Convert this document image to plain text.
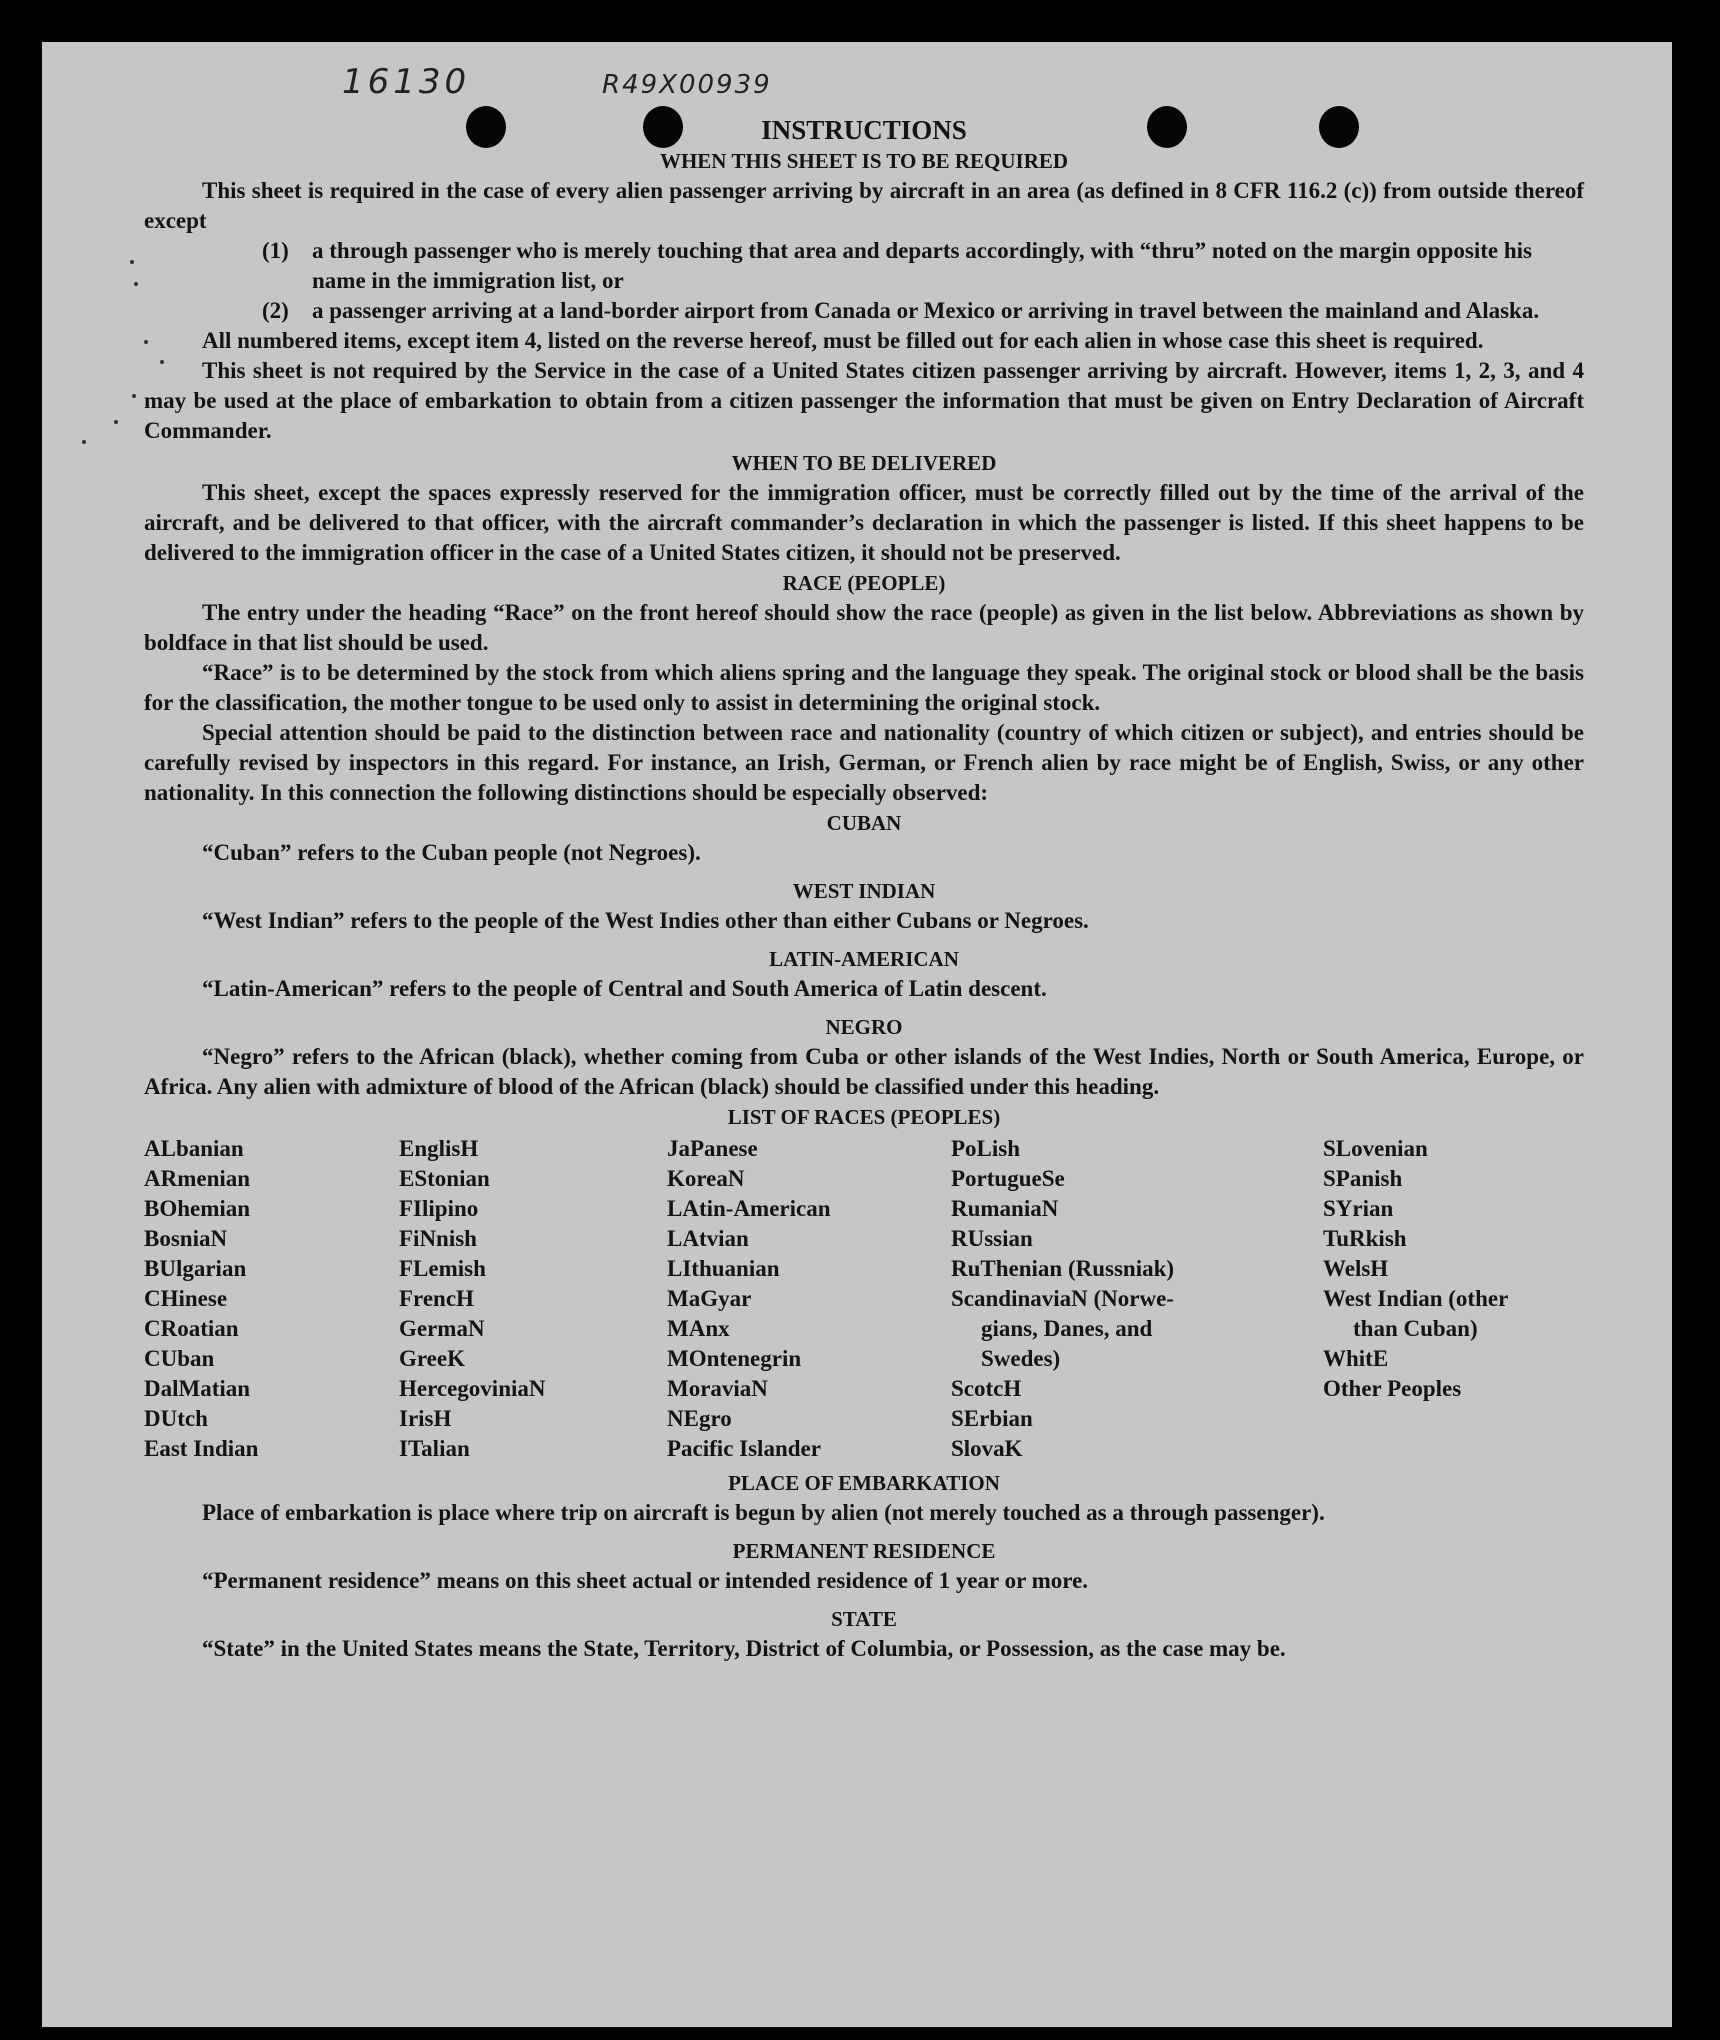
16130	R49X00939
INSTRUCTIONS
WHEN THIS SHEET IS TO BE REQUIRED

This sheet is required in the case of every alien passenger arriving by aircraft in an area (as defined in 8 CFR 116.2 (c)) from outside thereof except

(1) a through passenger who is merely touching that area and departs accordingly, with “thru” noted on the margin opposite his name in the immigration list, or
(2) a passenger arriving at a land-border airport from Canada or Mexico or arriving in travel between the mainland and Alaska.

All numbered items, except item 4, listed on the reverse hereof, must be filled out for each alien in whose case this sheet is required.

This sheet is not required by the Service in the case of a United States citizen passenger arriving by aircraft. However, items 1, 2, 3, and 4 may be used at the place of embarkation to obtain from a citizen passenger the information that must be given on Entry Declaration of Aircraft Commander.

WHEN TO BE DELIVERED

This sheet, except the spaces expressly reserved for the immigration officer, must be correctly filled out by the time of the arrival of the aircraft, and be delivered to that officer, with the aircraft commander’s declaration in which the passenger is listed. If this sheet happens to be delivered to the immigration officer in the case of a United States citizen, it should not be preserved.

RACE (PEOPLE)

The entry under the heading “Race” on the front hereof should show the race (people) as given in the list below. Abbreviations as shown by boldface in that list should be used.

“Race” is to be determined by the stock from which aliens spring and the language they speak. The original stock or blood shall be the basis for the classification, the mother tongue to be used only to assist in determining the original stock.

Special attention should be paid to the distinction between race and nationality (country of which citizen or subject), and entries should be carefully revised by inspectors in this regard. For instance, an Irish, German, or French alien by race might be of English, Swiss, or any other nationality. In this connection the following distinctions should be especially observed:

CUBAN

“Cuban” refers to the Cuban people (not Negroes).

WEST INDIAN

“West Indian” refers to the people of the West Indies other than either Cubans or Negroes.

LATIN-AMERICAN

“Latin-American” refers to the people of Central and South America of Latin descent.

NEGRO

“Negro” refers to the African (black), whether coming from Cuba or other islands of the West Indies, North or South America, Europe, or Africa. Any alien with admixture of blood of the African (black) should be classified under this heading.

LIST OF RACES (PEOPLES)
ALbanian
ARmenian
BOhemian
BosniaN
BUlgarian
CHinese
CRoatian
CUban
DalMatian
DUtch
East Indian
EnglisH
EStonian
FIlipino
FiNnish
FLemish
FrencH
GermaN
GreeK
HercegoviniaN
IrisH
ITalian
JaPanese
KoreaN
LAtin-American
LAtvian
LIthuanian
MaGyar
MAnx
MOntenegrin
MoraviaN
NEgro
Pacific Islander
PoLish
PortugueSe
RumaniaN
RUssian
RuThenian (Russniak)
ScandinaviaN (Norwe-
gians, Danes, and
Swedes)
ScotcH
SErbian
SlovaK
SLovenian
SPanish
SYrian
TuRkish
WelsH
West Indian (other
than Cuban)
WhitE
Other Peoples
PLACE OF EMBARKATION

Place of embarkation is place where trip on aircraft is begun by alien (not merely touched as a through passenger).

PERMANENT RESIDENCE

“Permanent residence” means on this sheet actual or intended residence of 1 year or more.

STATE

“State” in the United States means the State, Territory, District of Columbia, or Possession, as the case may be.
